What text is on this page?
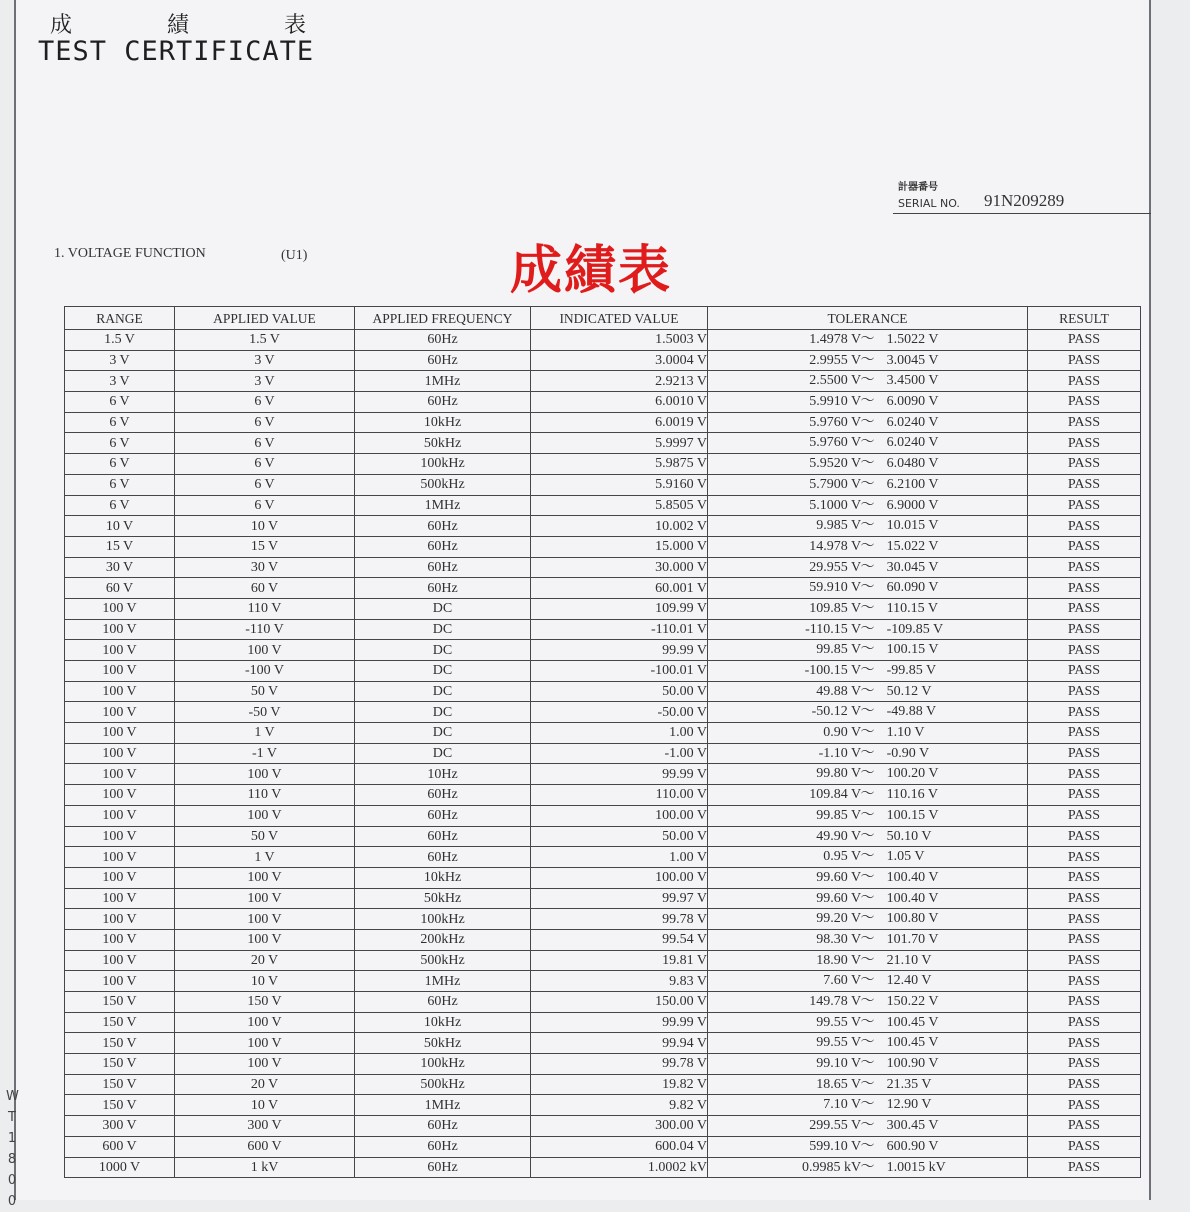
成 績 表
TEST CERTIFICATE
計器番号
SERIAL NO. 91N209289
1. VOLTAGE FUNCTION	(U1)	成績表
RANGE	APPLIED VALUE	APPLIED FREQUENCY	INDICATED VALUE	TOLERANCE	RESULT
1.5 V	1.5 V	60Hz	1.5003 V	1.4978 V ～ 1.5022 V	PASS
3 V	3 V	60Hz	3.0004 V	2.9955 V ～ 3.0045 V	PASS
3 V	3 V	1MHz	2.9213 V	2.5500 V ～ 3.4500 V	PASS
6 V	6 V	60Hz	6.0010 V	5.9910 V ～ 6.0090 V	PASS
6 V	6 V	10kHz	6.0019 V	5.9760 V ～ 6.0240 V	PASS
6 V	6 V	50kHz	5.9997 V	5.9760 V ～ 6.0240 V	PASS
6 V	6 V	100kHz	5.9875 V	5.9520 V ～ 6.0480 V	PASS
6 V	6 V	500kHz	5.9160 V	5.7900 V ～ 6.2100 V	PASS
6 V	6 V	1MHz	5.8505 V	5.1000 V ～ 6.9000 V	PASS
10 V	10 V	60Hz	10.002 V	9.985 V ～ 10.015 V	PASS
15 V	15 V	60Hz	15.000 V	14.978 V ～ 15.022 V	PASS
30 V	30 V	60Hz	30.000 V	29.955 V ～ 30.045 V	PASS
60 V	60 V	60Hz	60.001 V	59.910 V ～ 60.090 V	PASS
100 V	110 V	DC	109.99 V	109.85 V ～ 110.15 V	PASS
100 V	-110 V	DC	-110.01 V	-110.15 V ～ -109.85 V	PASS
100 V	100 V	DC	99.99 V	99.85 V ～ 100.15 V	PASS
100 V	-100 V	DC	-100.01 V	-100.15 V ～ -99.85 V	PASS
100 V	50 V	DC	50.00 V	49.88 V ～ 50.12 V	PASS
100 V	-50 V	DC	-50.00 V	-50.12 V ～ -49.88 V	PASS
100 V	1 V	DC	1.00 V	0.90 V ～ 1.10 V	PASS
100 V	-1 V	DC	-1.00 V	-1.10 V ～ -0.90 V	PASS
100 V	100 V	10Hz	99.99 V	99.80 V ～ 100.20 V	PASS
100 V	110 V	60Hz	110.00 V	109.84 V ～ 110.16 V	PASS
100 V	100 V	60Hz	100.00 V	99.85 V ～ 100.15 V	PASS
100 V	50 V	60Hz	50.00 V	49.90 V ～ 50.10 V	PASS
100 V	1 V	60Hz	1.00 V	0.95 V ～ 1.05 V	PASS
100 V	100 V	10kHz	100.00 V	99.60 V ～ 100.40 V	PASS
100 V	100 V	50kHz	99.97 V	99.60 V ～ 100.40 V	PASS
100 V	100 V	100kHz	99.78 V	99.20 V ～ 100.80 V	PASS
100 V	100 V	200kHz	99.54 V	98.30 V ～ 101.70 V	PASS
100 V	20 V	500kHz	19.81 V	18.90 V ～ 21.10 V	PASS
100 V	10 V	1MHz	9.83 V	7.60 V ～ 12.40 V	PASS
150 V	150 V	60Hz	150.00 V	149.78 V ～ 150.22 V	PASS
150 V	100 V	10kHz	99.99 V	99.55 V ～ 100.45 V	PASS
150 V	100 V	50kHz	99.94 V	99.55 V ～ 100.45 V	PASS
150 V	100 V	100kHz	99.78 V	99.10 V ～ 100.90 V	PASS
150 V	20 V	500kHz	19.82 V	18.65 V ～ 21.35 V	PASS
150 V	10 V	1MHz	9.82 V	7.10 V ～ 12.90 V	PASS
300 V	300 V	60Hz	300.00 V	299.55 V ～ 300.45 V	PASS
600 V	600 V	60Hz	600.04 V	599.10 V ～ 600.90 V	PASS
1000 V	1 kV	60Hz	1.0002 kV	0.9985 kV ～ 1.0015 kV	PASS
W
T
1
8
0
0
